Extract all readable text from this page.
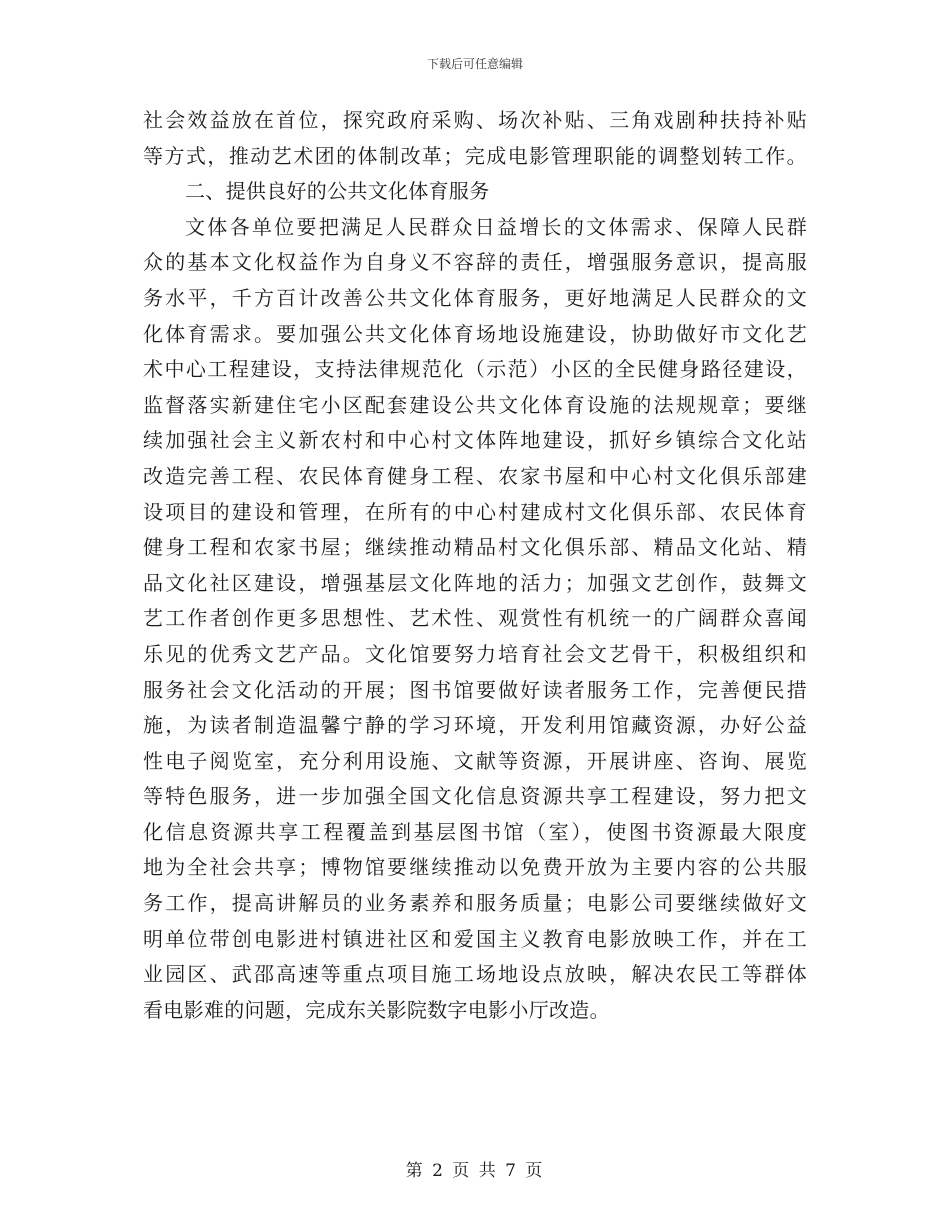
下载后可任意编辑
社会效益放在首位，探究政府采购、场次补贴、三角戏剧种扶持补贴
等方式，推动艺术团的体制改革；完成电影管理职能的调整划转工作。
二、提供良好的公共文化体育服务
文体各单位要把满足人民群众日益增长的文体需求、保障人民群
众的基本文化权益作为自身义不容辞的责任，增强服务意识，提高服
务水平，千方百计改善公共文化体育服务，更好地满足人民群众的文
化体育需求。要加强公共文化体育场地设施建设，协助做好市文化艺
术中心工程建设，支持法律规范化（示范）小区的全民健身路径建设，
监督落实新建住宅小区配套建设公共文化体育设施的法规规章；要继
续加强社会主义新农村和中心村文体阵地建设，抓好乡镇综合文化站
改造完善工程、农民体育健身工程、农家书屋和中心村文化俱乐部建
设项目的建设和管理，在所有的中心村建成村文化俱乐部、农民体育
健身工程和农家书屋；继续推动精品村文化俱乐部、精品文化站、精
品文化社区建设，增强基层文化阵地的活力；加强文艺创作，鼓舞文
艺工作者创作更多思想性、艺术性、观赏性有机统一的广阔群众喜闻
乐见的优秀文艺产品。文化馆要努力培育社会文艺骨干，积极组织和
服务社会文化活动的开展；图书馆要做好读者服务工作，完善便民措
施，为读者制造温馨宁静的学习环境，开发利用馆藏资源，办好公益
性电子阅览室，充分利用设施、文献等资源，开展讲座、咨询、展览
等特色服务，进一步加强全国文化信息资源共享工程建设，努力把文
化信息资源共享工程覆盖到基层图书馆（室），使图书资源最大限度
地为全社会共享；博物馆要继续推动以免费开放为主要内容的公共服
务工作，提高讲解员的业务素养和服务质量；电影公司要继续做好文
明单位带创电影进村镇进社区和爱国主义教育电影放映工作，并在工
业园区、武邵高速等重点项目施工场地设点放映，解决农民工等群体
看电影难的问题，完成东关影院数字电影小厅改造。
第 2 页 共 7 页
